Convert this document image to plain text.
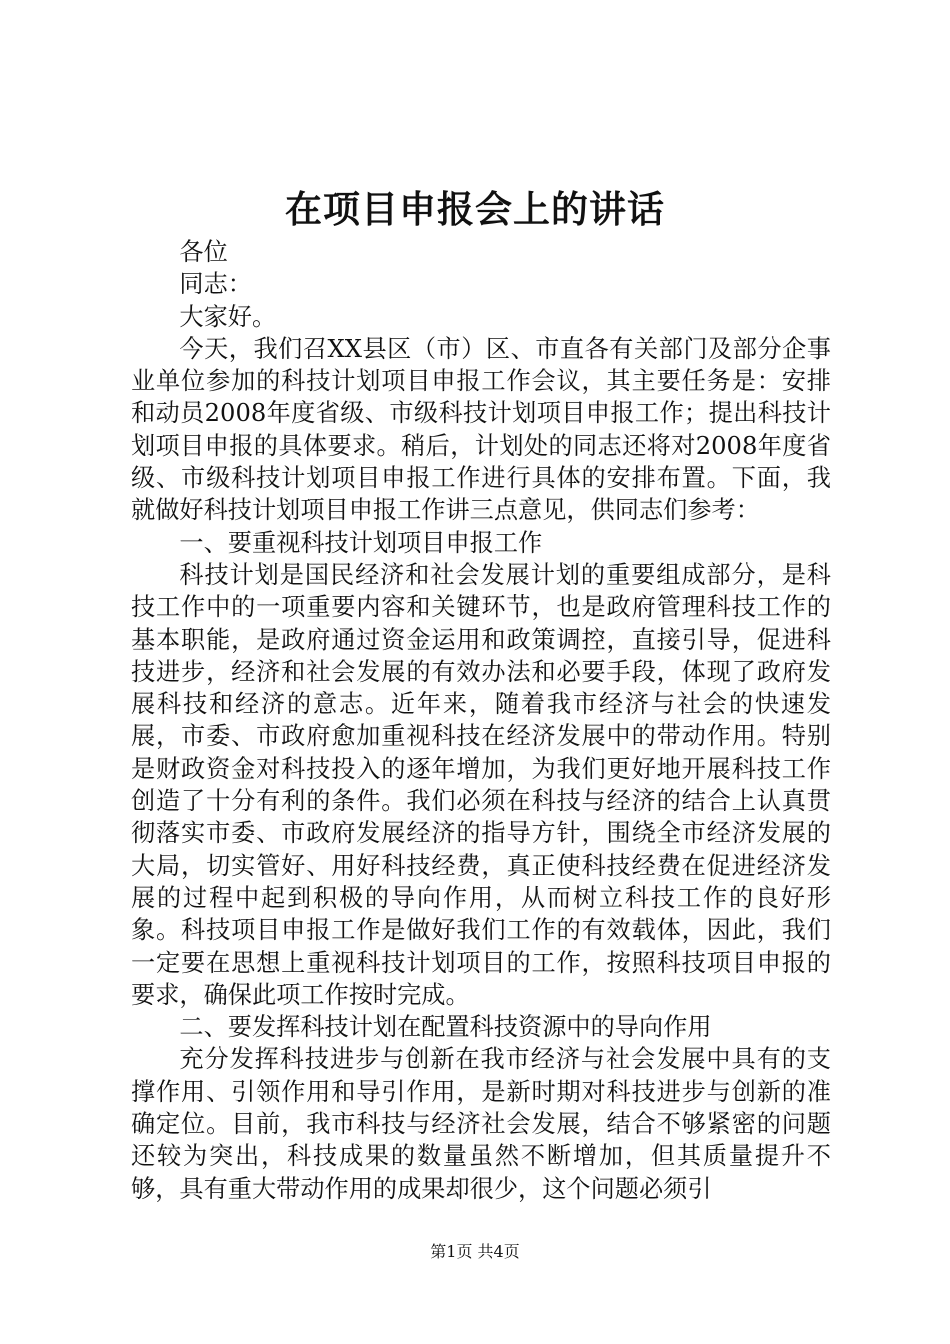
在项目申报会上的讲话

各位

同志：

大家好。

今天，我们召XX县区（市）区、市直各有关部门及部分企事业单位参加的科技计划项目申报工作会议，其主要任务是：安排和动员2008年度省级、市级科技计划项目申报工作；提出科技计划项目申报的具体要求。稍后，计划处的同志还将对2008年度省级、市级科技计划项目申报工作进行具体的安排布置。下面，我就做好科技计划项目申报工作讲三点意见，供同志们参考：

一、要重视科技计划项目申报工作

科技计划是国民经济和社会发展计划的重要组成部分，是科技工作中的一项重要内容和关键环节，也是政府管理科技工作的基本职能，是政府通过资金运用和政策调控，直接引导，促进科技进步，经济和社会发展的有效办法和必要手段，体现了政府发展科技和经济的意志。近年来，随着我市经济与社会的快速发展，市委、市政府愈加重视科技在经济发展中的带动作用。特别是财政资金对科技投入的逐年增加，为我们更好地开展科技工作创造了十分有利的条件。我们必须在科技与经济的结合上认真贯彻落实市委、市政府发展经济的指导方针，围绕全市经济发展的大局，切实管好、用好科技经费，真正使科技经费在促进经济发展的过程中起到积极的导向作用，从而树立科技工作的良好形象。科技项目申报工作是做好我们工作的有效载体，因此，我们一定要在思想上重视科技计划项目的工作，按照科技项目申报的要求，确保此项工作按时完成。

二、要发挥科技计划在配置科技资源中的导向作用

充分发挥科技进步与创新在我市经济与社会发展中具有的支撑作用、引领作用和导引作用，是新时期对科技进步与创新的准确定位。目前，我市科技与经济社会发展，结合不够紧密的问题还较为突出，科技成果的数量虽然不断增加，但其质量提升不够，具有重大带动作用的成果却很少，这个问题必须引

第1页 共4页
